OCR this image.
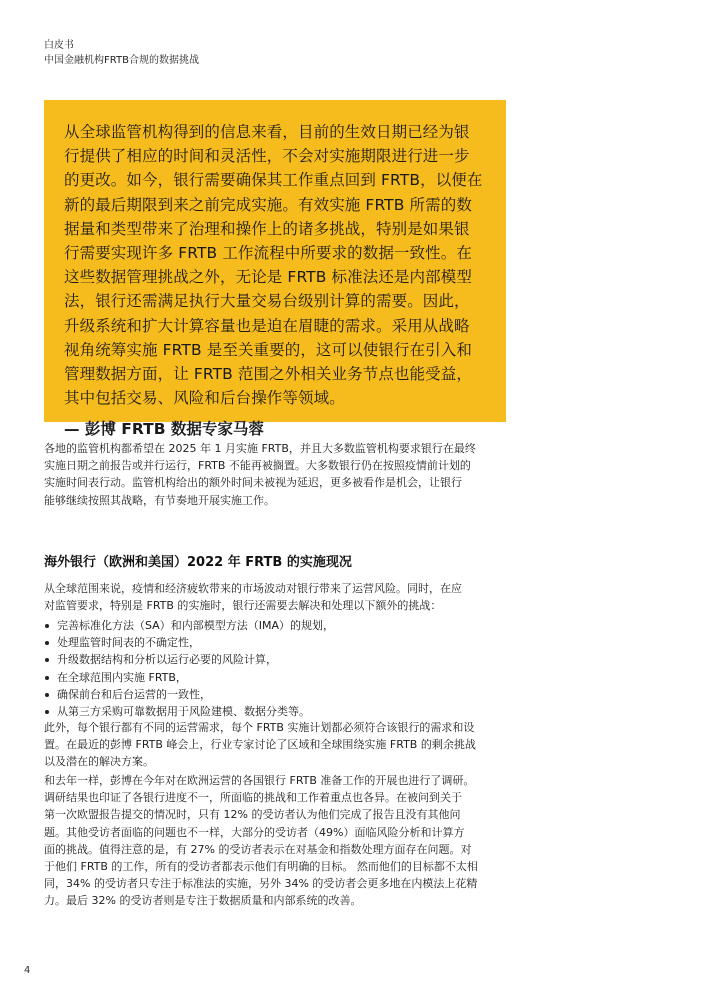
白皮书
中国金融机构FRTB合规的数据挑战
从全球监管机构得到的信息来看，目前的生效日期已经为银
行提供了相应的时间和灵活性，不会对实施期限进行进一步
的更改。如今，银行需要确保其工作重点回到 FRTB，以便在
新的最后期限到来之前完成实施。有效实施 FRTB 所需的数
据量和类型带来了治理和操作上的诸多挑战，特别是如果银
行需要实现许多 FRTB 工作流程中所要求的数据一致性。在
这些数据管理挑战之外，无论是 FRTB 标准法还是内部模型
法，银行还需满足执行大量交易台级别计算的需要。因此，
升级系统和扩大计算容量也是迫在眉睫的需求。采用从战略
视角统筹实施 FRTB 是至关重要的，这可以使银行在引入和
管理数据方面，让 FRTB 范围之外相关业务节点也能受益，
其中包括交易、风险和后台操作等领域。
— 彭博 FRTB 数据专家马蓉
各地的监管机构都希望在 2025 年 1 月实施 FRTB，并且大多数监管机构要求银行在最终
实施日期之前报告或并行运行，FRTB 不能再被搁置。大多数银行仍在按照疫情前计划的
实施时间表行动。监管机构给出的额外时间未被视为延迟，更多被看作是机会，让银行
能够继续按照其战略，有节奏地开展实施工作。
海外银行（欧洲和美国）2022 年 FRTB 的实施现况
从全球范围来说，疫情和经济疲软带来的市场波动对银行带来了运营风险。同时，在应
对监管要求，特别是 FRTB 的实施时，银行还需要去解决和处理以下额外的挑战：
完善标准化方法（SA）和内部模型方法（IMA）的规划，
处理监管时间表的不确定性，
升级数据结构和分析以运行必要的风险计算，
在全球范围内实施 FRTB，
确保前台和后台运营的一致性，
从第三方采购可靠数据用于风险建模、数据分类等。
此外，每个银行都有不同的运营需求，每个 FRTB 实施计划都必须符合该银行的需求和设
置。在最近的彭博 FRTB 峰会上，行业专家讨论了区域和全球围绕实施 FRTB 的剩余挑战
以及潜在的解决方案。
和去年一样，彭博在今年对在欧洲运营的各国银行 FRTB 准备工作的开展也进行了调研。
调研结果也印证了各银行进度不一，所面临的挑战和工作着重点也各异。在被问到关于
第一次欧盟报告提交的情况时，只有 12% 的受访者认为他们完成了报告且没有其他问
题。其他受访者面临的问题也不一样，大部分的受访者（49%）面临风险分析和计算方
面的挑战。值得注意的是，有 27% 的受访者表示在对基金和指数处理方面存在问题。对
于他们 FRTB 的工作，所有的受访者都表示他们有明确的目标。 然而他们的目标都不太相
同，34% 的受访者只专注于标准法的实施，另外 34% 的受访者会更多地在内模法上花精
力。最后 32% 的受访者则是专注于数据质量和内部系统的改善。
4
